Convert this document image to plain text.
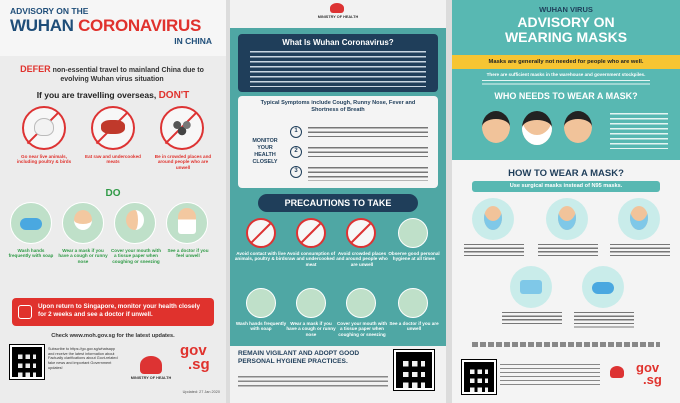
ADVISORY ON THE
WUHAN CORONAVIRUS
IN CHINA
DEFER non-essential travel to mainland China due to evolving Wuhan virus situation
If you are travelling overseas, DON'T
Go near live animals, including poultry & birds
Eat raw and undercooked meats
Be in crowded places and around people who are unwell
DO
Wash hands frequently with soap
Wear a mask if you have a cough or runny nose
Cover your mouth with a tissue paper when coughing or sneezing
See a doctor if you feel unwell
Upon return to Singapore, monitor your health closely for 2 weeks and see a doctor if unwell.
Check www.moh.gov.sg for the latest updates.
Subscribe to https://go.gov.sg/whatsapp and receive the latest information about Factually clarifications about Govt-related fake news and important Government updates!
MINISTRY OF HEALTH
gov
.sg
Updated: 27 Jan 2020
MINISTRY OF HEALTH
What Is Wuhan Coronavirus?
Typical Symptoms include Cough, Runny Nose, Fever and Shortness of Breath
MONITOR YOUR HEALTH CLOSELY
1
2
3
PRECAUTIONS TO TAKE
Avoid contact with live animals, poultry & birds
Avoid consumption of raw and undercooked meat
Avoid crowded places and around people who are unwell
Observe good personal hygiene at all times
Wash hands frequently with soap
Wear a mask if you have a cough or runny nose
Cover your mouth with a tissue paper when coughing or sneezing
See a doctor if you are unwell
REMAIN VIGILANT AND ADOPT GOOD PERSONAL HYGIENE PRACTICES.
WUHAN VIRUS
ADVISORY ON
WEARING MASKS
Masks are generally not needed for people who are well.
There are sufficient masks in the warehouse and government stockpiles.
WHO NEEDS TO WEAR A MASK?
HOW TO WEAR A MASK?
Use surgical masks instead of N95 masks.
gov
.sg
